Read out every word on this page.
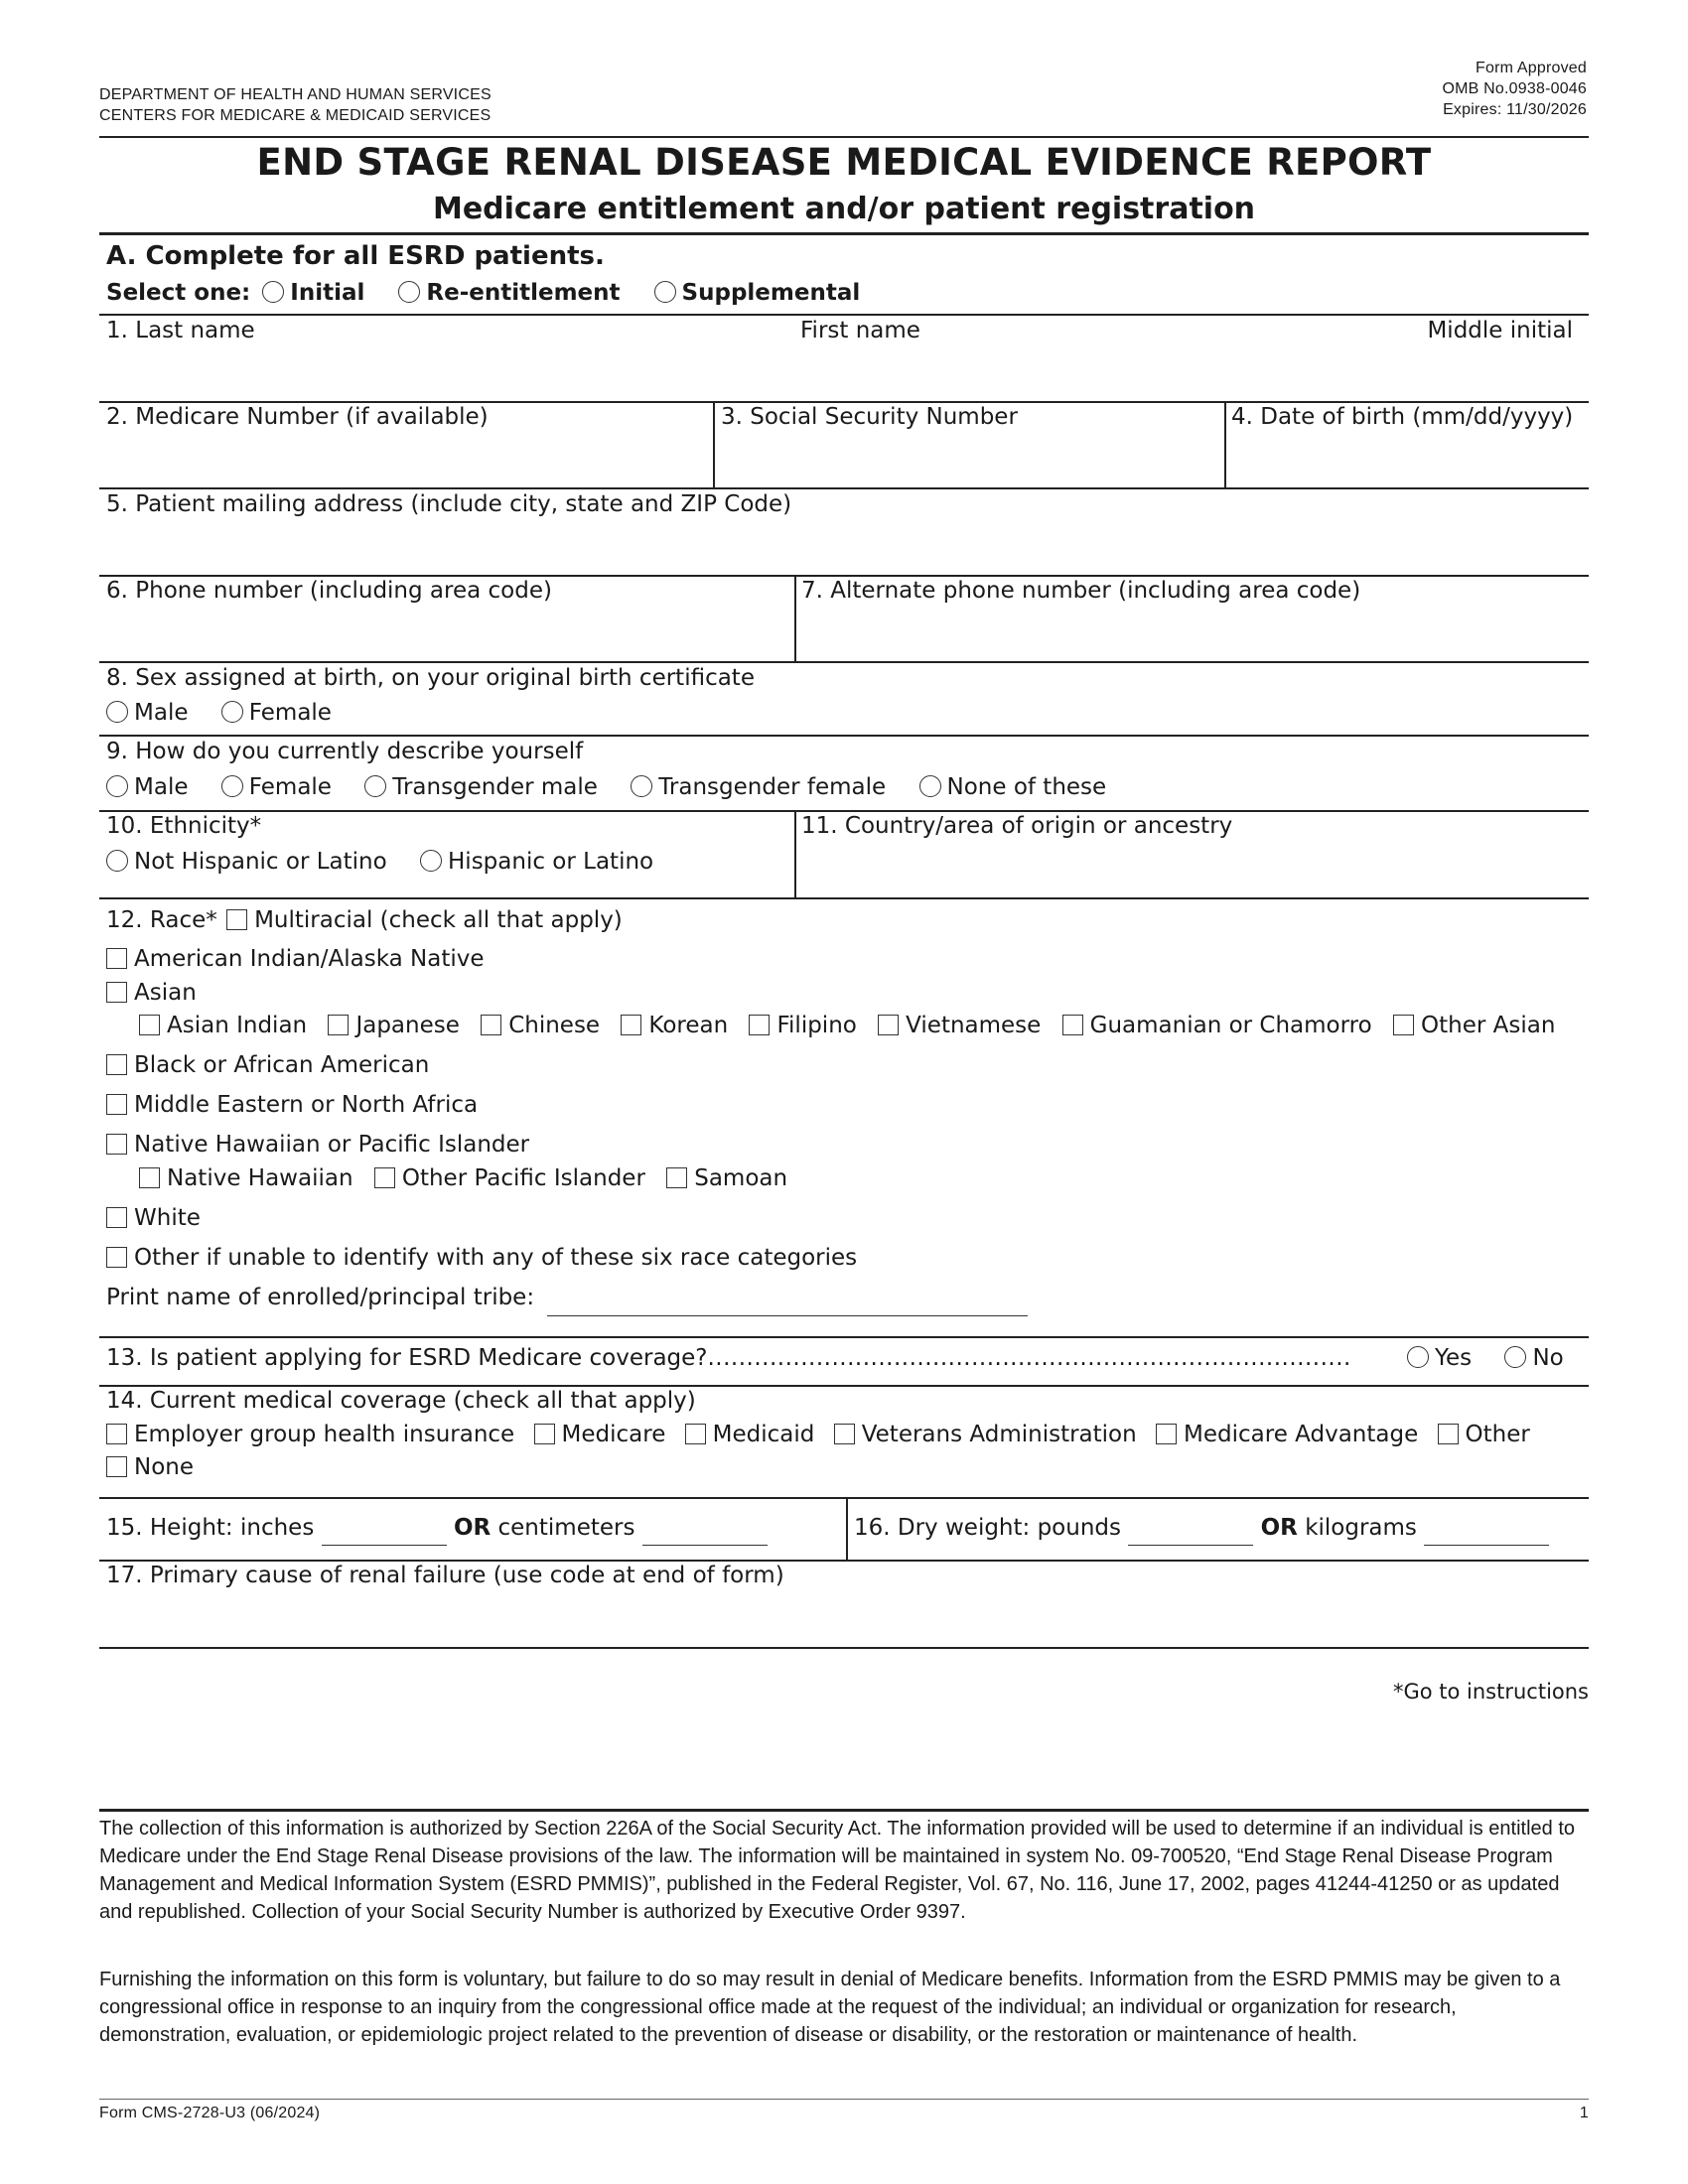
DEPARTMENT OF HEALTH AND HUMAN SERVICES
CENTERS FOR MEDICARE & MEDICAID SERVICES
Form Approved
OMB No.0938-0046
Expires: 11/30/2026
END STAGE RENAL DISEASE MEDICAL EVIDENCE REPORT
Medicare entitlement and/or patient registration
A. Complete for all ESRD patients.
Select one: Initial	Re-entitlement	Supplemental
1. Last name	First name	Middle initial
2. Medicare Number (if available)	3. Social Security Number	4. Date of birth (mm/dd/yyyy)
5. Patient mailing address (include city, state and ZIP Code)
6. Phone number (including area code)	7. Alternate phone number (including area code)
8. Sex assigned at birth, on your original birth certificate
Male	Female
9. How do you currently describe yourself
Male	Female	Transgender male	Transgender female	None of these
10. Ethnicity*
Not Hispanic or Latino	Hispanic or Latino
11. Country/area of origin or ancestry
12. Race* Multiracial (check all that apply)
American Indian/Alaska Native
Asian
Asian Indian Japanese Chinese Korean Filipino Vietnamese Guamanian or Chamorro Other Asian
Black or African American
Middle Eastern or North Africa
Native Hawaiian or Pacific Islander
Native Hawaiian Other Pacific Islander Samoan
White
Other if unable to identify with any of these six race categories
Print name of enrolled/principal tribe:
13. Is patient applying for ESRD Medicare coverage?...................................................................................	Yes	No
14. Current medical coverage (check all that apply)
Employer group health insurance Medicare Medicaid Veterans Administration Medicare Advantage Other
None
15. Height: inches	OR centimeters	16. Dry weight: pounds	OR kilograms
17. Primary cause of renal failure (use code at end of form)
*Go to instructions
The collection of this information is authorized by Section 226A of the Social Security Act. The information provided will be used to determine if an individual is entitled to Medicare under the End Stage Renal Disease provisions of the law. The information will be maintained in system No. 09-700520, “End Stage Renal Disease Program Management and Medical Information System (ESRD PMMIS)”, published in the Federal Register, Vol. 67, No. 116, June 17, 2002, pages 41244-41250 or as updated and republished. Collection of your Social Security Number is authorized by Executive Order 9397.
Furnishing the information on this form is voluntary, but failure to do so may result in denial of Medicare benefits. Information from the ESRD PMMIS may be given to a congressional office in response to an inquiry from the congressional office made at the request of the individual; an individual or organization for research, demonstration, evaluation, or epidemiologic project related to the prevention of disease or disability, or the restoration or maintenance of health.
Form CMS-2728-U3 (06/2024)	1
